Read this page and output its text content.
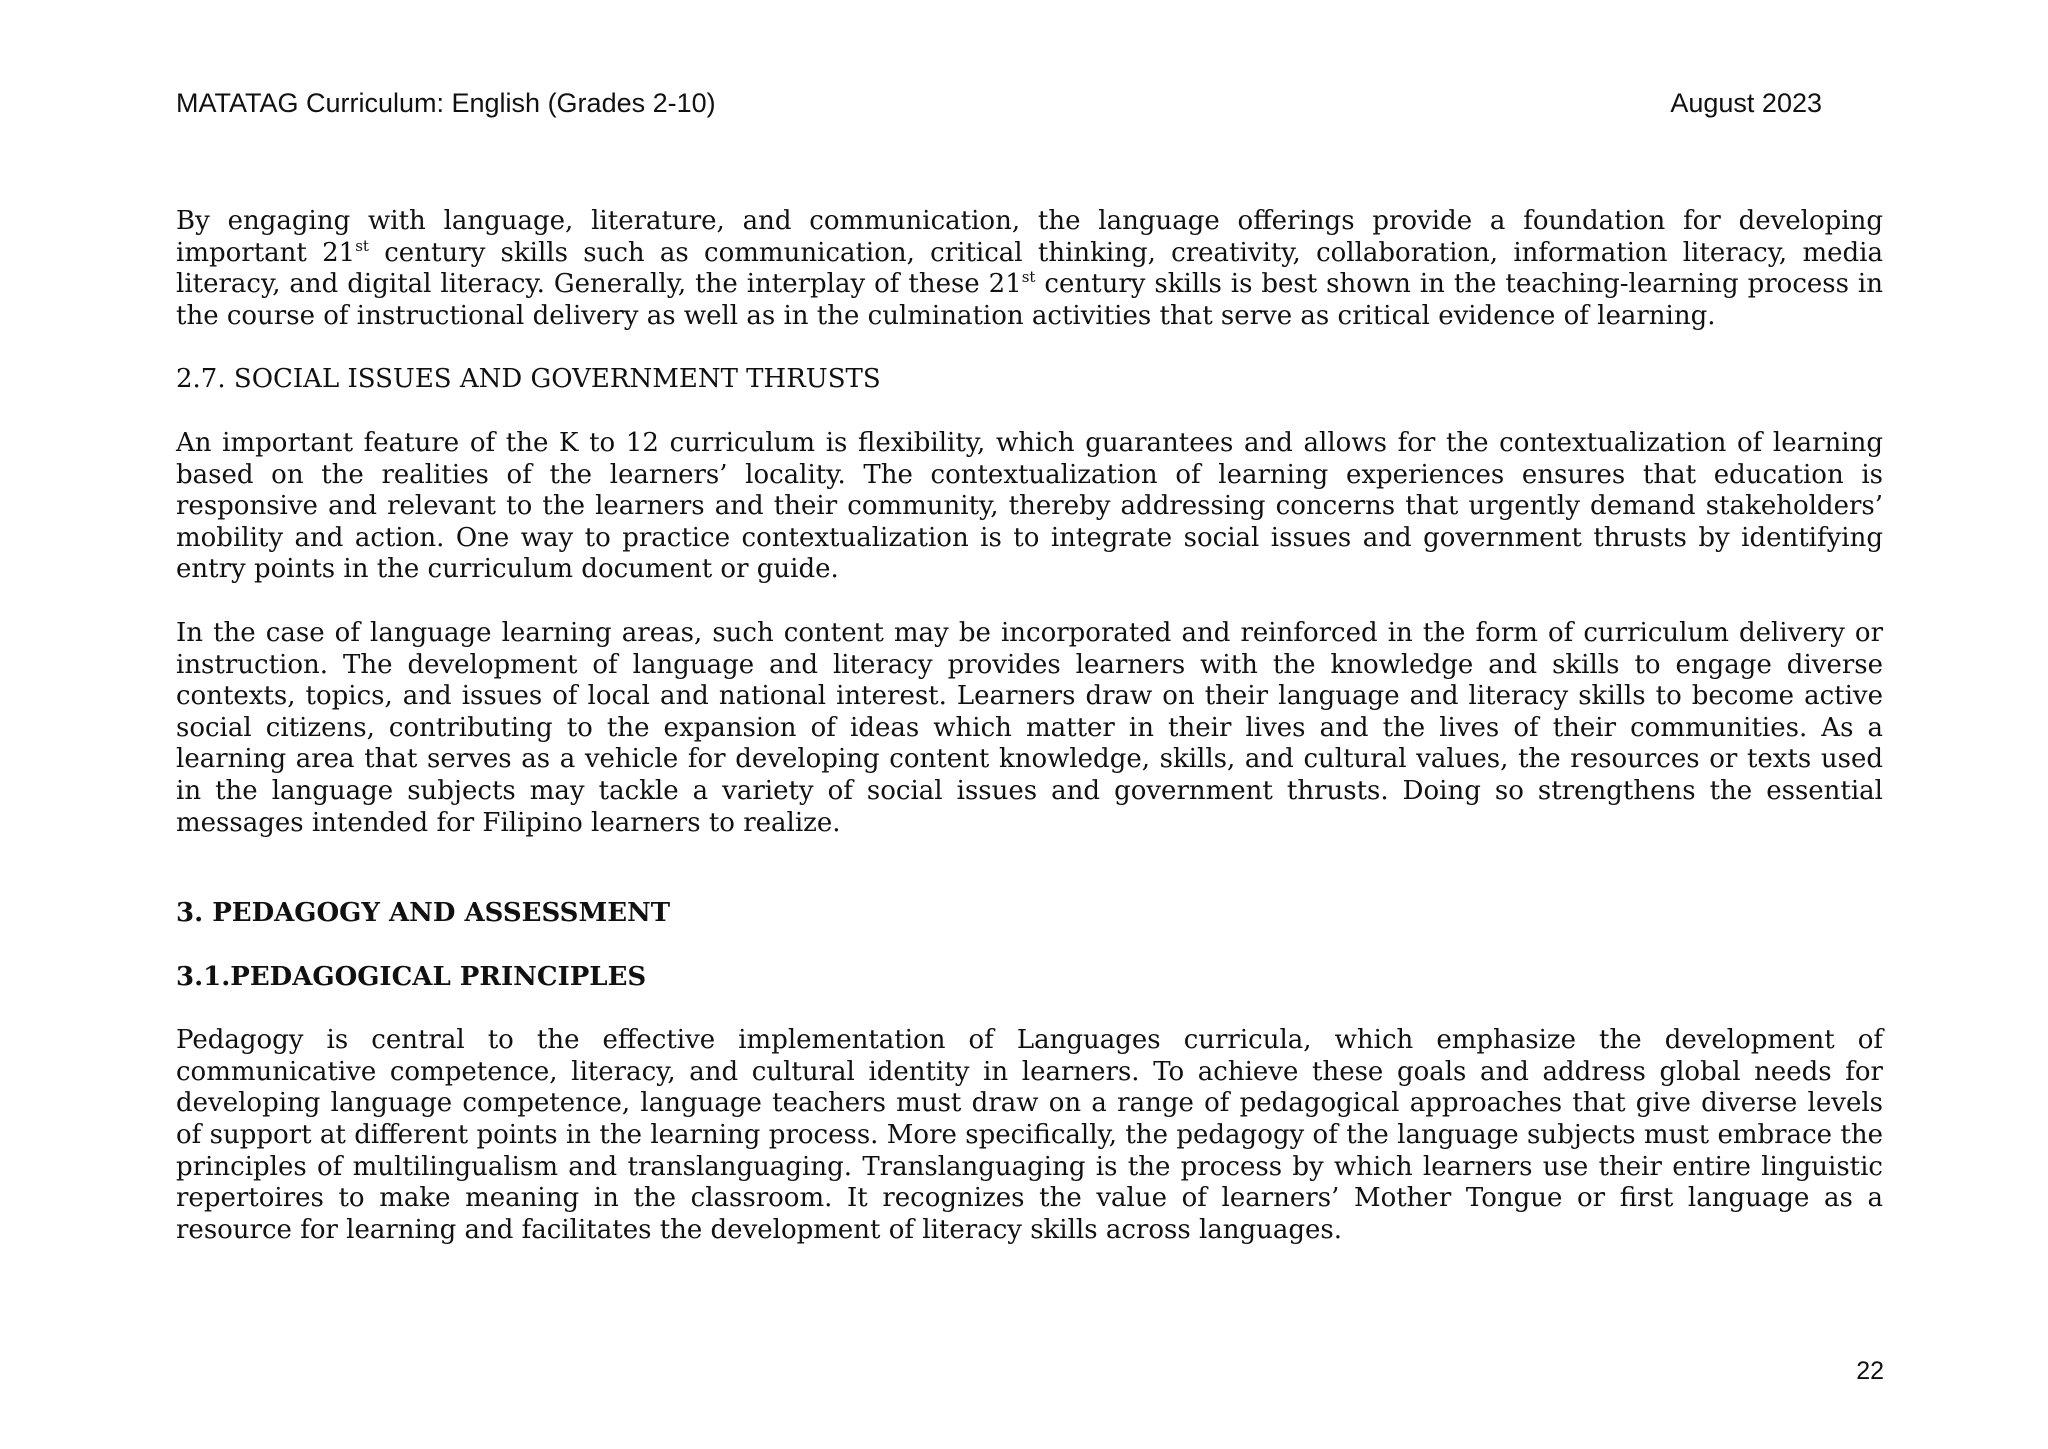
MATATAG Curriculum: English (Grades 2-10)	August 2023

By engaging with language, literature, and communication, the language offerings provide a foundation for developing important 21st century skills such as communication, critical thinking, creativity, collaboration, information literacy, media literacy, and digital literacy. Generally, the interplay of these 21st century skills is best shown in the teaching-learning process in the course of instructional delivery as well as in the culmination activities that serve as critical evidence of learning.

2.7. SOCIAL ISSUES AND GOVERNMENT THRUSTS

An important feature of the K to 12 curriculum is flexibility, which guarantees and allows for the contextualization of learning based on the realities of the learners’ locality. The contextualization of learning experiences ensures that education is responsive and relevant to the learners and their community, thereby addressing concerns that urgently demand stakeholders’ mobility and action. One way to practice contextualization is to integrate social issues and government thrusts by identifying entry points in the curriculum document or guide.

In the case of language learning areas, such content may be incorporated and reinforced in the form of curriculum delivery or instruction. The development of language and literacy provides learners with the knowledge and skills to engage diverse contexts, topics, and issues of local and national interest. Learners draw on their language and literacy skills to become active social citizens, contributing to the expansion of ideas which matter in their lives and the lives of their communities. As a learning area that serves as a vehicle for developing content knowledge, skills, and cultural values, the resources or texts used in the language subjects may tackle a variety of social issues and government thrusts. Doing so strengthens the essential messages intended for Filipino learners to realize.

3. PEDAGOGY AND ASSESSMENT

3.1.PEDAGOGICAL PRINCIPLES

Pedagogy is central to the effective implementation of Languages curricula, which emphasize the development of communicative competence, literacy, and cultural identity in learners. To achieve these goals and address global needs for developing language competence, language teachers must draw on a range of pedagogical approaches that give diverse levels of support at different points in the learning process. More specifically, the pedagogy of the language subjects must embrace the principles of multilingualism and translanguaging. Translanguaging is the process by which learners use their entire linguistic repertoires to make meaning in the classroom. It recognizes the value of learners’ Mother Tongue or first language as a resource for learning and facilitates the development of literacy skills across languages.

22
